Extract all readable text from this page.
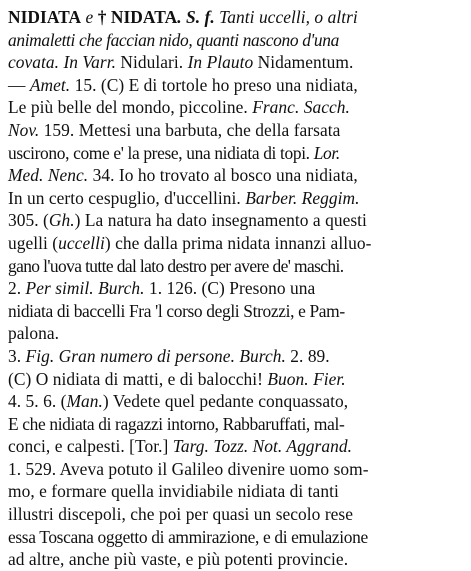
NIDIATA e † NIDATA. S. f. Tanti uccelli, o altri
animaletti che faccian nido, quanti nascono d'una
covata. In Varr. Nidulari. In Plauto Nidamentum.
— Amet. 15. (C) E di tortole ho preso una nidiata,
Le più belle del mondo, piccoline. Franc. Sacch.
Nov. 159. Mettesi una barbuta, che della farsata
uscirono, come e' la prese, una nidiata di topi. Lor.
Med. Nenc. 34. Io ho trovato al bosco una nidiata,
In un certo cespuglio, d'uccellini. Barber. Reggim.
305. (Gh.) La natura ha dato insegnamento a questi
ugelli (uccelli) che dalla prima nidata innanzi alluo-
gano l'uova tutte dal lato destro per avere de' maschi.
2. Per simil. Burch. 1. 126. (C) Presono una
nidiata di baccelli Fra 'l corso degli Strozzi, e Pam-
palona.
3. Fig. Gran numero di persone. Burch. 2. 89.
(C) O nidiata di matti, e di balocchi! Buon. Fier.
4. 5. 6. (Man.) Vedete quel pedante conquassato,
E che nidiata di ragazzi intorno, Rabbaruffati, mal-
conci, e calpesti. [Tor.] Targ. Tozz. Not. Aggrand.
1. 529. Aveva potuto il Galileo divenire uomo som-
mo, e formare quella invidiabile nidiata di tanti
illustri discepoli, che poi per quasi un secolo rese
essa Toscana oggetto di ammirazione, e di emulazione
ad altre, anche più vaste, e più potenti provincie.
